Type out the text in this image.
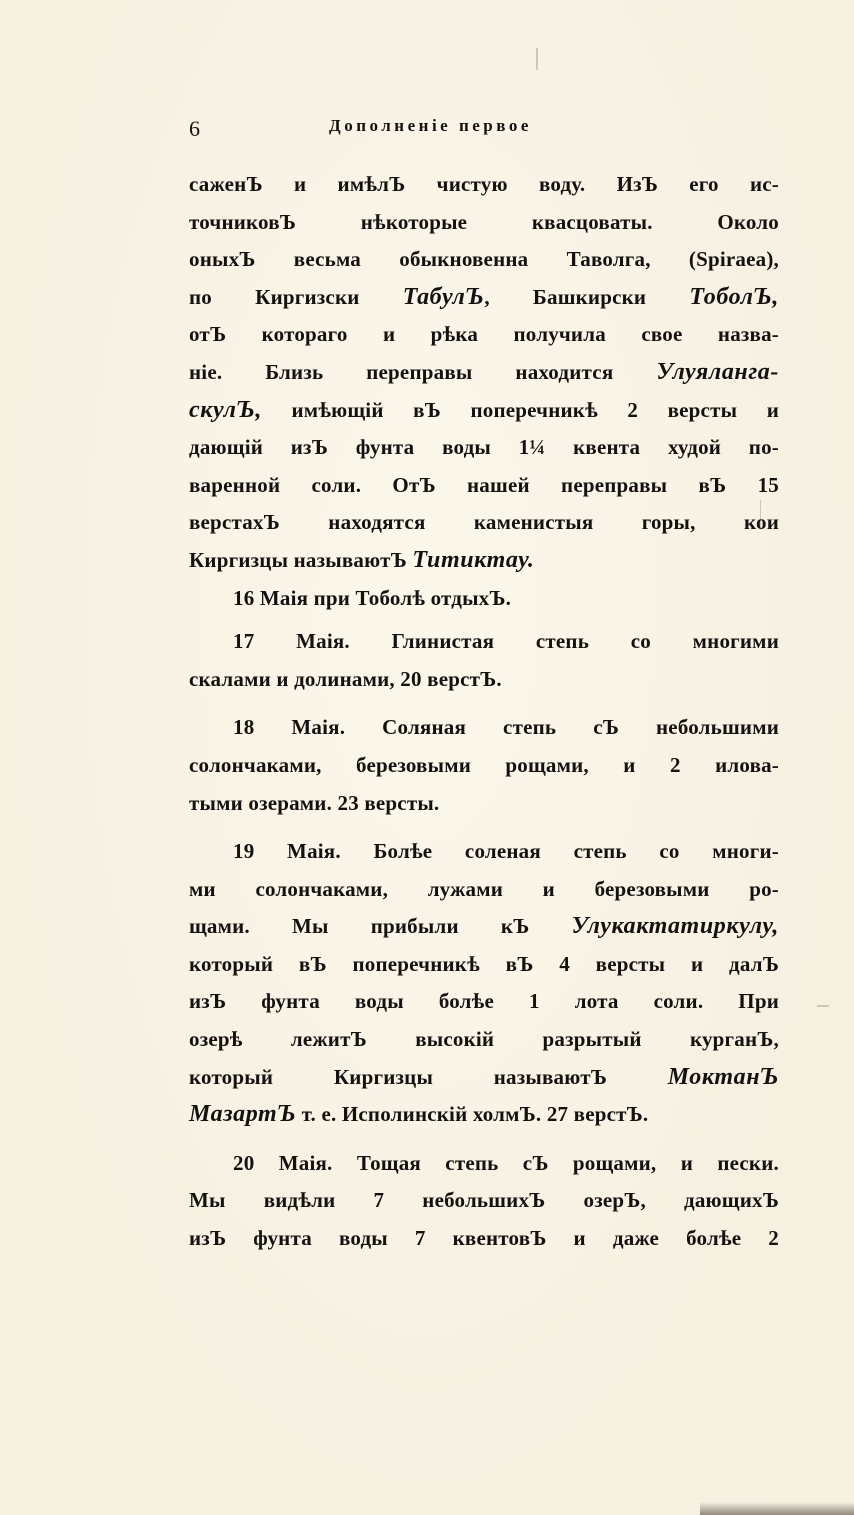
6	Дополненiе первое
саженЪ и имѣлЪ чистую воду. ИзЪ его ис-
точниковЪ нѣкоторые квасцоваты. Около
оныхЪ весьма обыкновенна Таволга, (Spiraea),
по Киргизски ТабулЪ, Башкирски ТоболЪ,
отЪ котораго и рѣка получила свое назва-
нiе. Близь переправы находится Улуялангa-
скулЪ, имѣющiй вЪ поперечникѣ 2 версты и
дающiй изЪ фунта воды 1¼ квента худой по-
варенной соли. ОтЪ нашей переправы вЪ 15
верстахЪ находятся каменистыя горы, кои
Киргизцы называютЪ Титиктау.
16 Маiя при Тоболѣ отдыхЪ.
17 Маiя. Глинистая степь со многими
скалами и долинами, 20 верстЪ.
18 Маiя. Соляная степь сЪ небольшими
солончаками, березовыми рощами, и 2 илова-
тыми озерами. 23 версты.
19 Маiя. Болѣе соленая степь со многи-
ми солончаками, лужами и березовыми ро-
щами. Мы прибыли кЪ Улукактатиркулу,
который вЪ поперечникѣ вЪ 4 версты и далЪ
изЪ фунта воды болѣе 1 лота соли. При
озерѣ лежитЪ высокiй разрытый курганЪ,
который Киргизцы называютЪ МоктанЪ
МазартЪ т. е. Исполинскiй холмЪ. 27 верстЪ.
20 Маiя. Тощая степь сЪ рощами, и пески.
Мы видѣли 7 небольшихЪ озерЪ, дающихЪ
изЪ фунта воды 7 квентовЪ и даже болѣе 2
